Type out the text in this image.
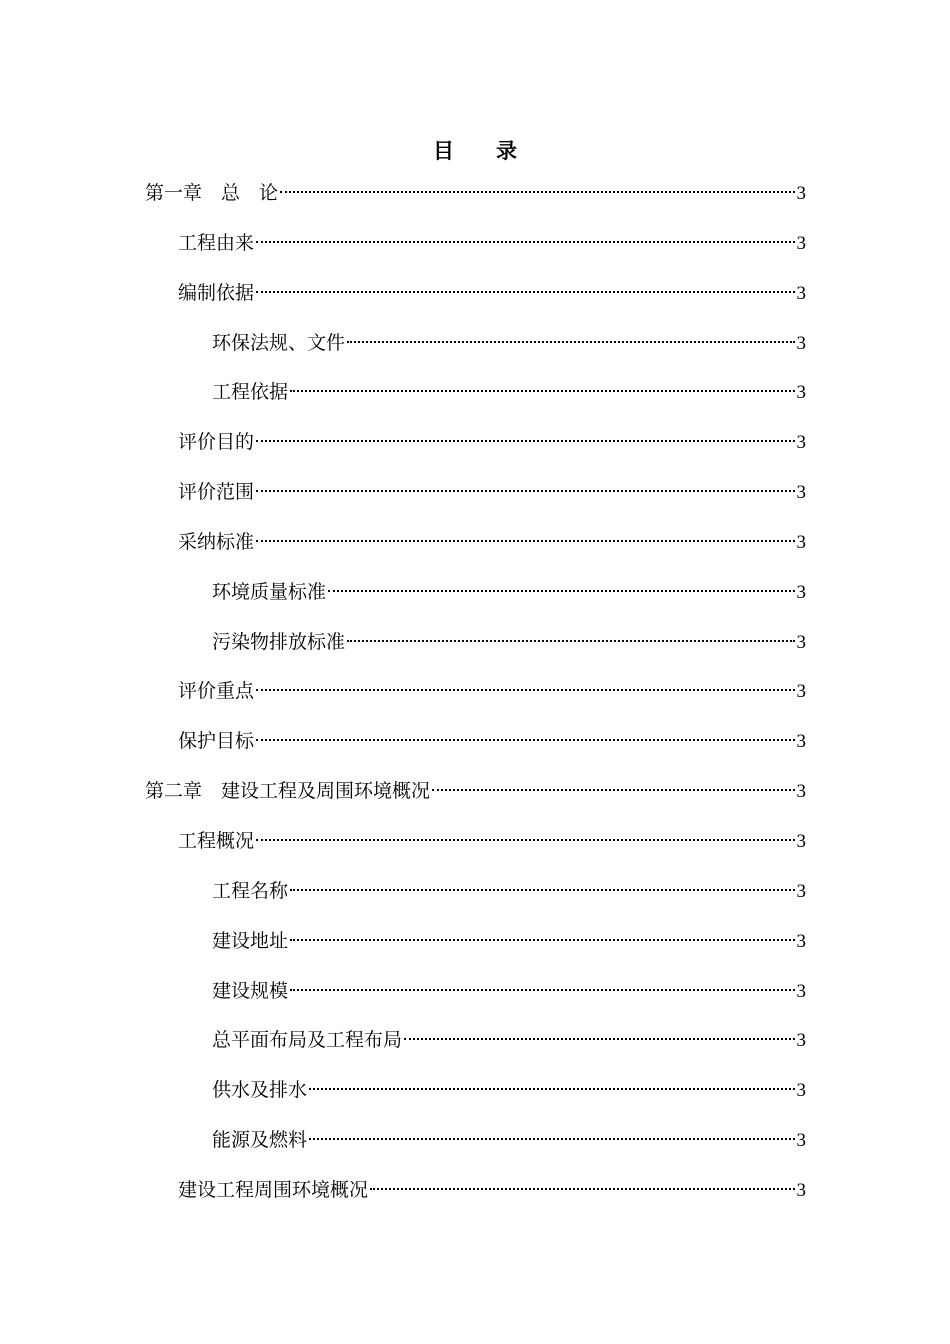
目　录
第一章　总　论	3
工程由来	3
编制依据	3
环保法规、文件	3
工程依据	3
评价目的	3
评价范围	3
采纳标准	3
环境质量标准	3
污染物排放标准	3
评价重点	3
保护目标	3
第二章　建设工程及周围环境概况	3
工程概况	3
工程名称	3
建设地址	3
建设规模	3
总平面布局及工程布局	3
供水及排水	3
能源及燃料	3
建设工程周围环境概况	3
